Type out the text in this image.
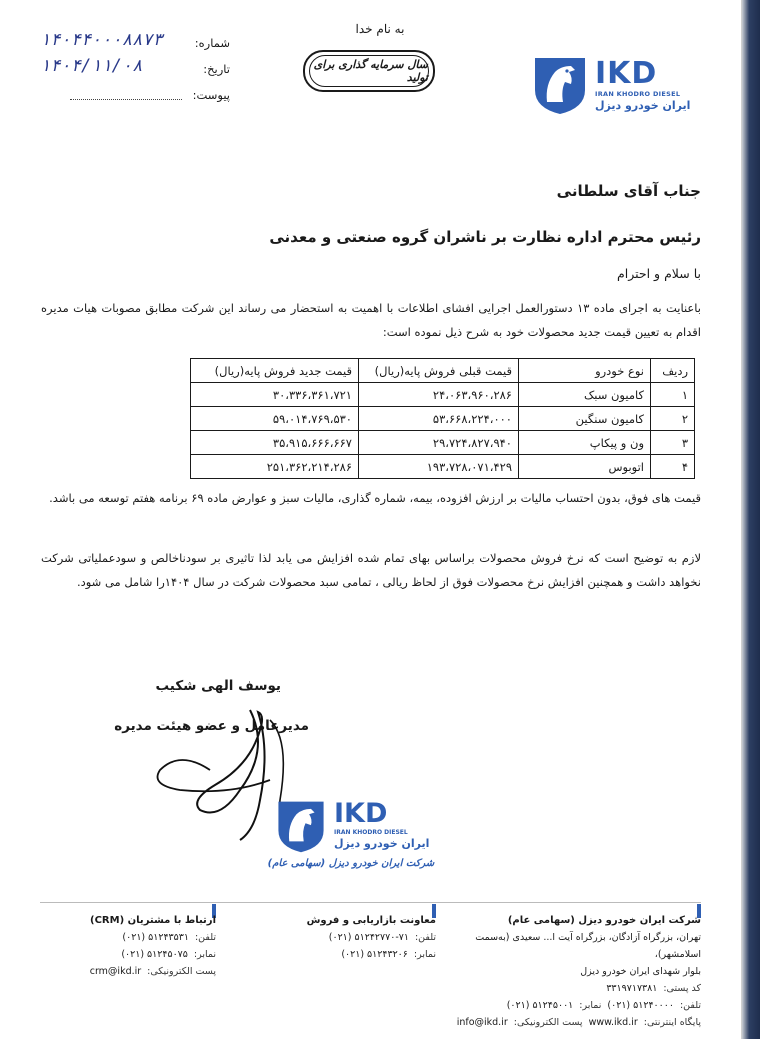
۱۴۰۴۴۰۰۰۸۸۷۳	شماره:
۱۴۰۴/۱۱/۰۸	تاریخ:
پیوست:
به نام خدا
سال سرمایه گذاری برای تولید	IKD
IRAN KHODRO DIESEL
ایران خودرو دیزل
جناب آقای سلطانی
رئیس محترم اداره نظارت بر ناشران گروه صنعتی و معدنی
با سلام و احترام
باعنایت به اجرای ماده ۱۳ دستورالعمل اجرایی افشای اطلاعات با اهمیت به استحضار می رساند این شرکت مطابق مصوبات هیات مدیره اقدام به تعیین قیمت جدید محصولات خود به شرح ذیل نموده است:
ردیف	نوع خودرو	قیمت قبلی فروش پایه(ریال)	قیمت جدید فروش پایه(ریال)
۱	کامیون سبک	۲۴،۰۶۳،۹۶۰،۲۸۶	۳۰،۳۳۶،۳۶۱،۷۲۱
۲	کامیون سنگین	۵۳،۶۶۸،۲۲۴،۰۰۰	۵۹،۰۱۴،۷۶۹،۵۳۰
۳	ون و پیکاپ	۲۹،۷۲۴،۸۲۷،۹۴۰	۳۵،۹۱۵،۶۶۶،۶۶۷
۴	اتوبوس	۱۹۳،۷۲۸،۰۷۱،۴۲۹	۲۵۱،۳۶۲،۲۱۴،۲۸۶
قیمت های فوق، بدون احتساب مالیات بر ارزش افزوده، بیمه، شماره گذاری، مالیات سبز و عوارض ماده ۶۹ برنامه هفتم توسعه می باشد.
لازم به توضیح است که نرخ فروش محصولات براساس بهای تمام شده افزایش می یابد لذا تاثیری بر سودناخالص و سودعملیاتی شرکت نخواهد داشت و همچنین افزایش نرخ محصولات فوق از لحاظ ریالی ، تمامی سبد محصولات شرکت در سال ۱۴۰۴را شامل می شود.
یوسف الهی شکیب
مدیرعامل و عضو هیئت مدیره
IKD
IRAN KHODRO DIESEL
ایران خودرو دیزل
شرکت ایران خودرو دیزل (سهامی عام)
شرکت ایران خودرو دیزل (سهامی عام)
تهران، بزرگراه آزادگان، بزرگراه آیت ا... سعیدی (به‌سمت اسلامشهر)،
بلوار شهدای ایران خودرو دیزل
کد پستی:
۳۳۱۹۷۱۷۳۸۱
تلفن:
(۰۲۱) ۵۱۲۴۰۰۰۰
نمابر:
(۰۲۱) ۵۱۲۴۵۰۰۱
پایگاه اینترنتی:
www.ikd.ir
پست الکترونیکی:
info@ikd.ir
معاونت بازاریابی و فروش
تلفن:
(۰۲۱) ۵۱۲۴۲۷۷۰-۷۱
نمابر:
(۰۲۱) ۵۱۲۴۳۲۰۶
ارتباط با مشتریان (CRM)
تلفن:
(۰۲۱) ۵۱۲۴۳۵۳۱
نمابر:
(۰۲۱) ۵۱۲۴۵۰۷۵
پست الکترونیکی:
crm@ikd.ir
